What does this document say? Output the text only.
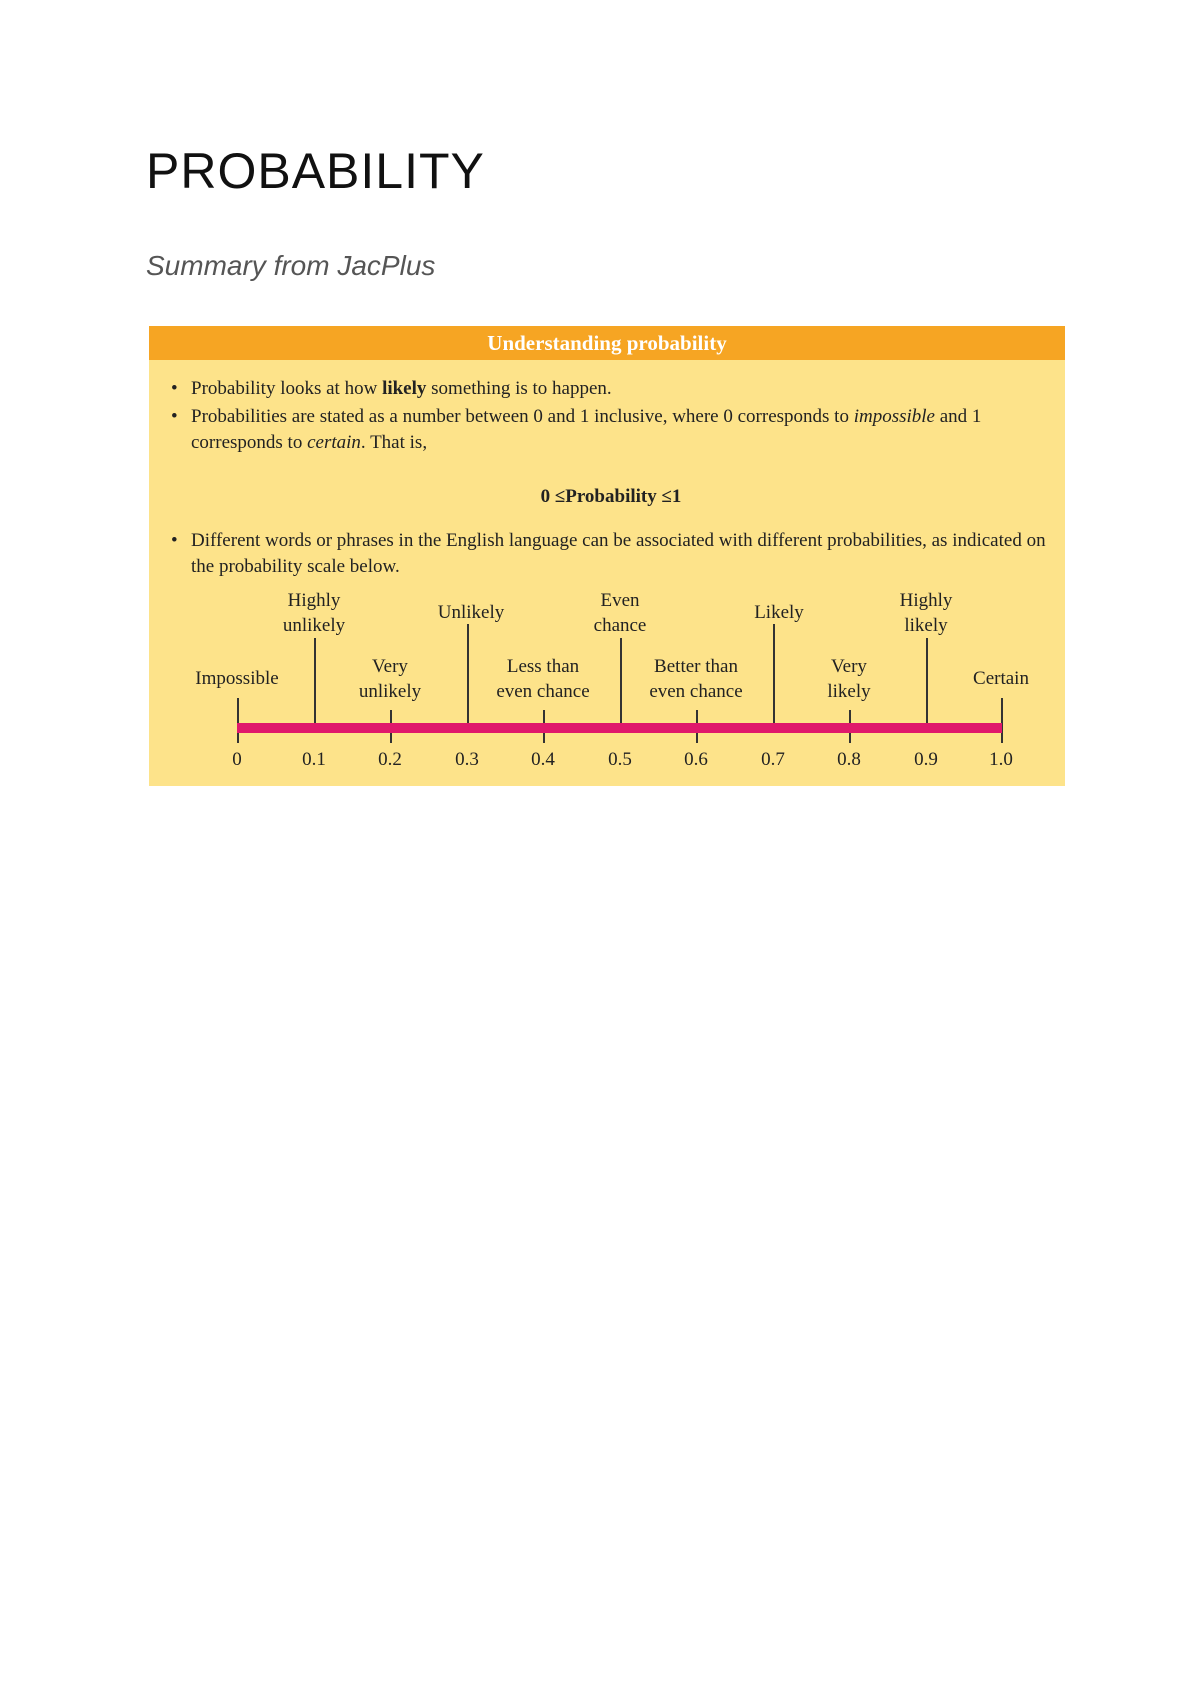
PROBABILITY
Summary from JacPlus
Understanding probability
• Probability looks at how likely something is to happen.
• Probabilities are stated as a number between 0 and 1 inclusive, where 0 corresponds to impossible and 1 corresponds to certain. That is,
0 ≤Probability ≤1
• Different words or phrases in the English language can be associated with different probabilities, as indicated on the probability scale below.
Impossible
Highly
unlikely
Very
unlikely
Unlikely
Less than
even chance
Even
chance
Better than
even chance
Likely
Very
likely
Highly
likely
Certain
0	0.1	0.2	0.3	0.4	0.5	0.6	0.7	0.8	0.9	1.0
